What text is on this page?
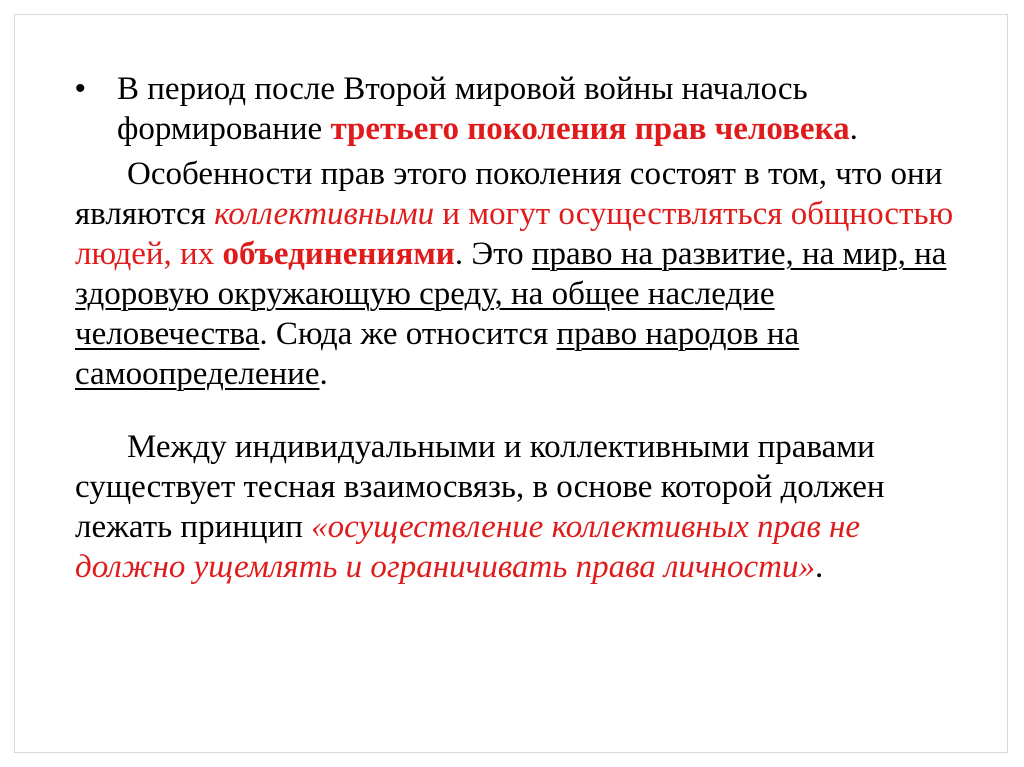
• В период после Второй мировой войны началось формирование третьего поколения прав человека.

Особенности прав этого поколения состоят в том, что они являются коллективными и могут осуществляться общностью людей, их объединениями. Это право на развитие, на мир, на здоровую окружающую среду, на общее наследие человечества. Сюда же относится право народов на самоопределение.

Между индивидуальными и коллективными правами существует тесная взаимосвязь, в основе которой должен лежать принцип «осуществление коллективных прав не должно ущемлять и ограничивать права личности».
